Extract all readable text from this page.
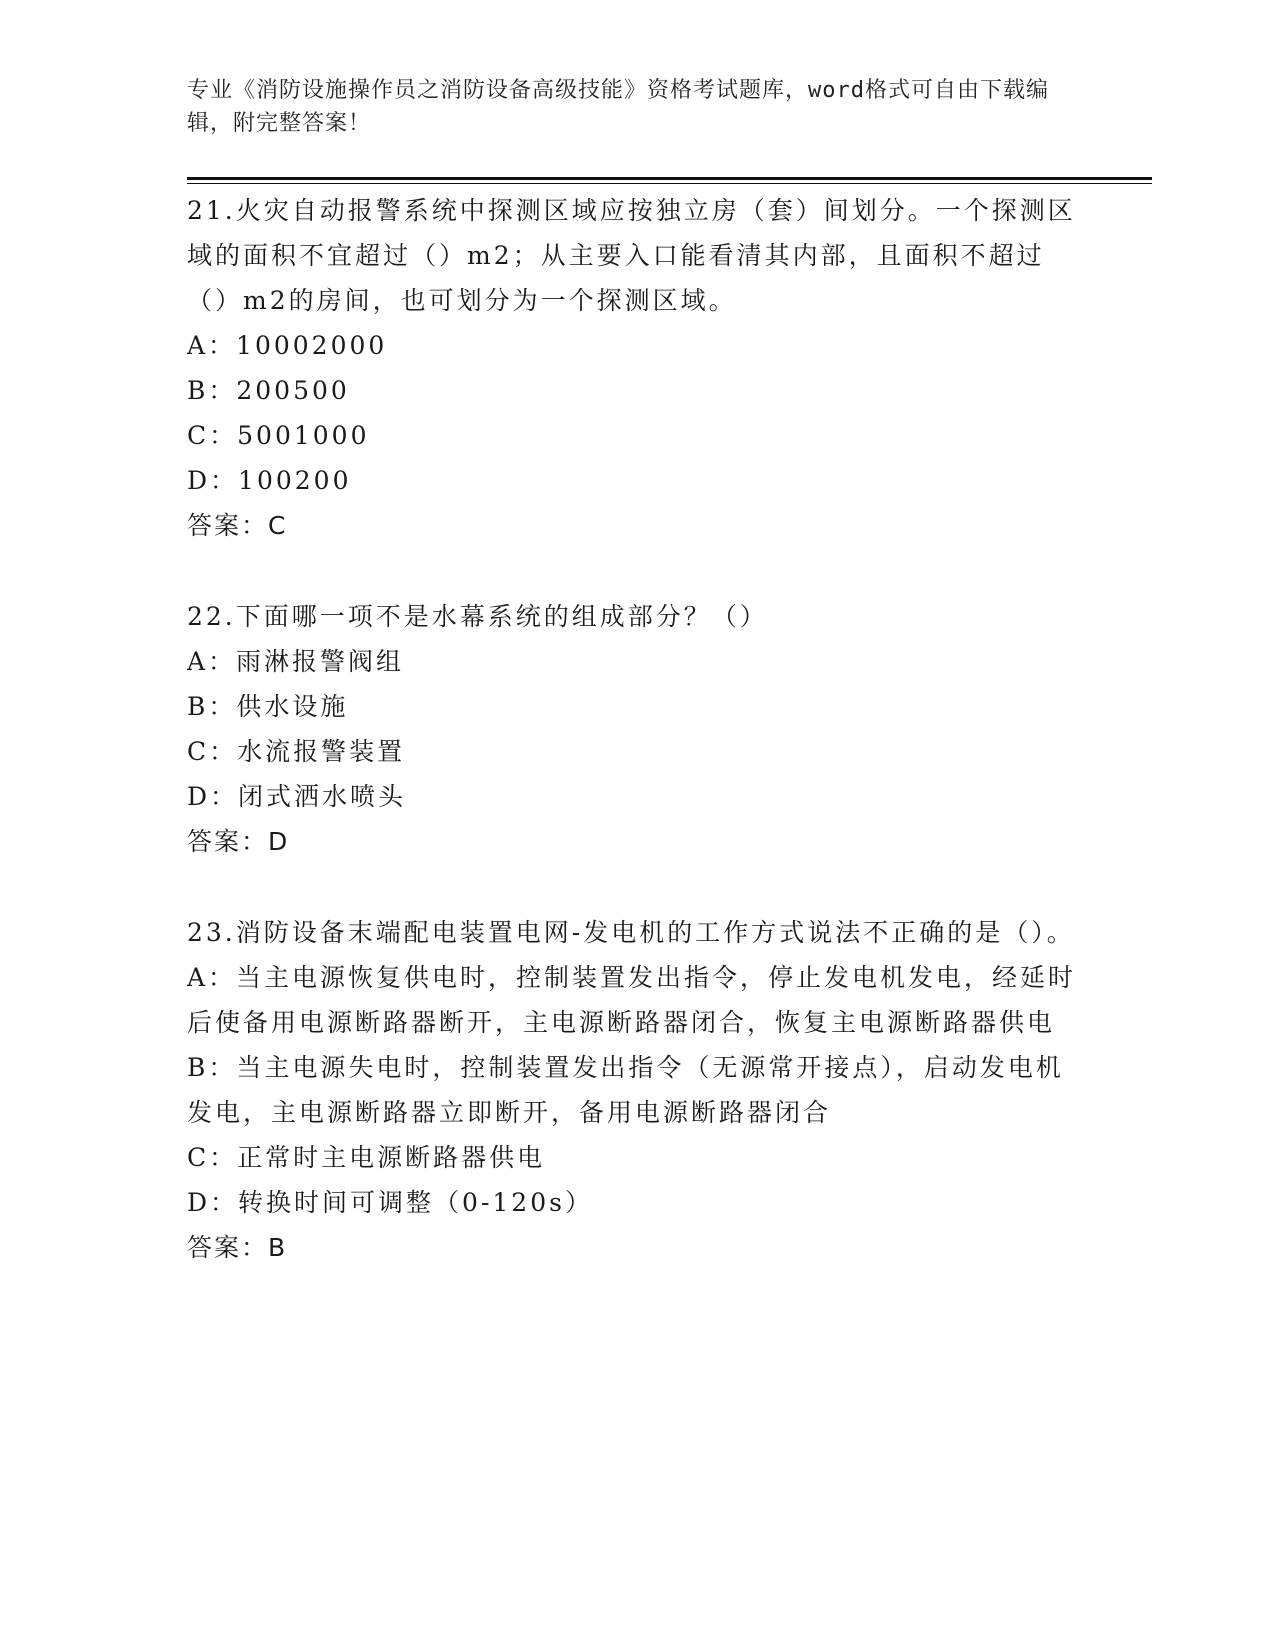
专业《消防设施操作员之消防设备高级技能》资格考试题库，word格式可自由下载编辑，附完整答案！

21.火灾自动报警系统中探测区域应按独立房（套）间划分。一个探测区域的面积不宜超过（）m2；从主要入口能看清其内部，且面积不超过（）m2的房间，也可划分为一个探测区域。

A：10002000

B：200500

C：5001000

D：100200

答案：C

22.下面哪一项不是水幕系统的组成部分？（）

A：雨淋报警阀组

B：供水设施

C：水流报警装置

D：闭式洒水喷头

答案：D

23.消防设备末端配电装置电网-发电机的工作方式说法不正确的是（）。

A：当主电源恢复供电时，控制装置发出指令，停止发电机发电，经延时后使备用电源断路器断开，主电源断路器闭合，恢复主电源断路器供电

B：当主电源失电时，控制装置发出指令（无源常开接点），启动发电机发电，主电源断路器立即断开，备用电源断路器闭合

C：正常时主电源断路器供电

D：转换时间可调整（0-120s）

答案：B
